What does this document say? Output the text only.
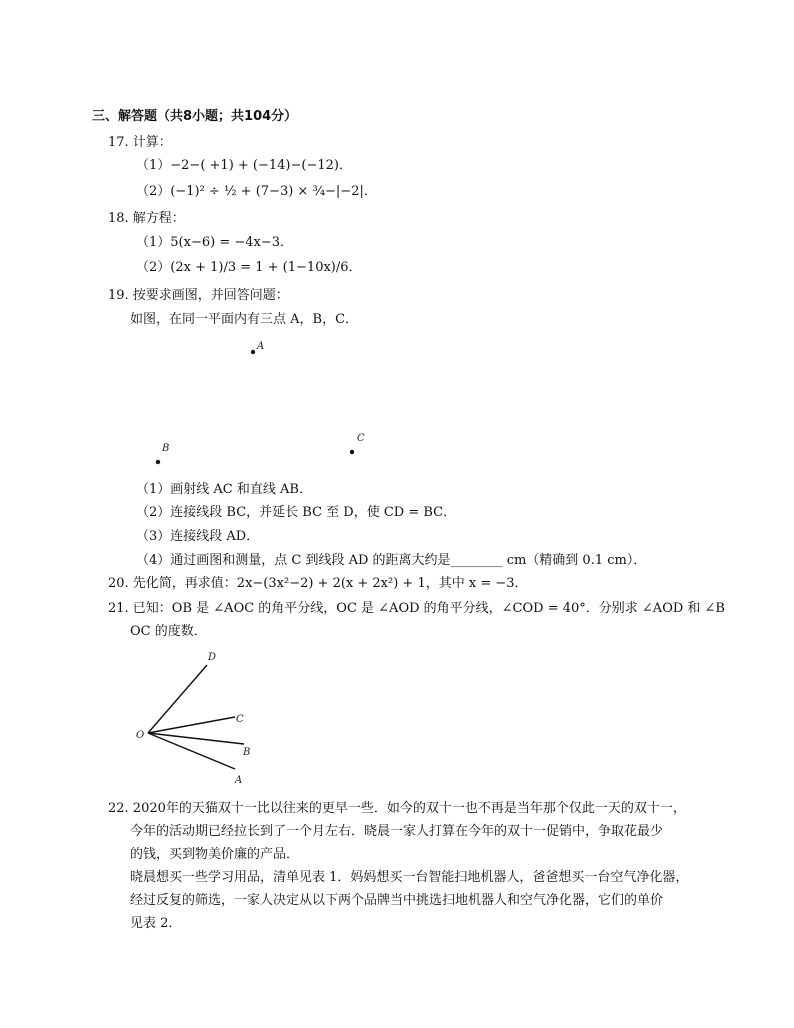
三、解答题（共8小题；共104分）
17. 计算：
（1）−2−( +1) + (−14)−(−12)．
（2）(−1)² ÷ ½ + (7−3) × ¾−|−2|．
18. 解方程：
（1）5(x−6) = −4x−3．
（2）(2x + 1)/3 = 1 + (1−10x)/6．
19. 按要求画图，并回答问题：
如图，在同一平面内有三点 A，B，C．
A
B
C
O
D
C
B
A
（1）画射线 AC 和直线 AB．
（2）连接线段 BC，并延长 BC 至 D，使 CD = BC．
（3）连接线段 AD．
（4）通过画图和测量，点 C 到线段 AD 的距离大约是________ cm（精确到 0.1 cm）．
20. 先化简，再求值：2x−(3x²−2) + 2(x + 2x²) + 1，其中 x = −3．
21. 已知：OB 是 ∠AOC 的角平分线，OC 是 ∠AOD 的角平分线，∠COD = 40°．分别求 ∠AOD 和 ∠B
OC 的度数．
22. 2020年的天猫双十一比以往来的更早一些．如今的双十一也不再是当年那个仅此一天的双十一，
今年的活动期已经拉长到了一个月左右．晓晨一家人打算在今年的双十一促销中，争取花最少
的钱，买到物美价廉的产品．
晓晨想买一些学习用品，清单见表 1．妈妈想买一台智能扫地机器人，爸爸想买一台空气净化器，
经过反复的筛选，一家人决定从以下两个品牌当中挑选扫地机器人和空气净化器，它们的单价
见表 2．
